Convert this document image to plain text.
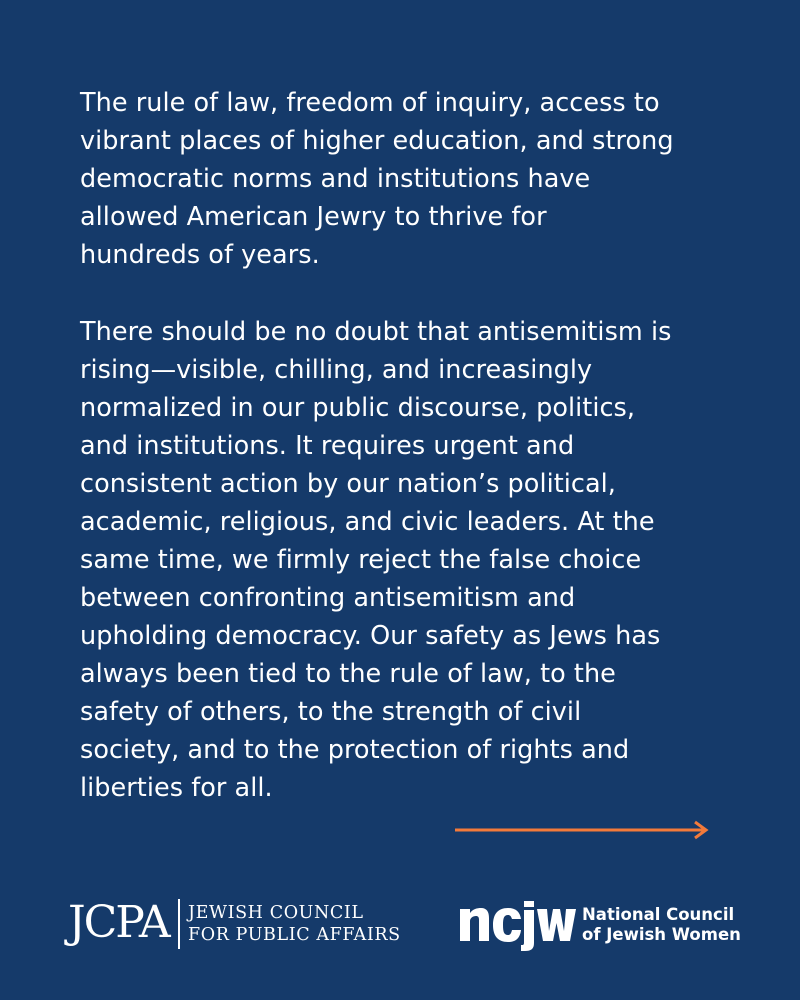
The rule of law, freedom of inquiry, access to
vibrant places of higher education, and strong
democratic norms and institutions have
allowed American Jewry to thrive for
hundreds of years.
There should be no doubt that antisemitism is
rising—visible, chilling, and increasingly
normalized in our public discourse, politics,
and institutions. It requires urgent and
consistent action by our nation’s political,
academic, religious, and civic leaders. At the
same time, we firmly reject the false choice
between confronting antisemitism and
upholding democracy. Our safety as Jews has
always been tied to the rule of law, to the
safety of others, to the strength of civil
society, and to the protection of rights and
liberties for all.
JCPA JEWISH COUNCIL
FOR PUBLIC AFFAIRS
National Council
of Jewish Women
